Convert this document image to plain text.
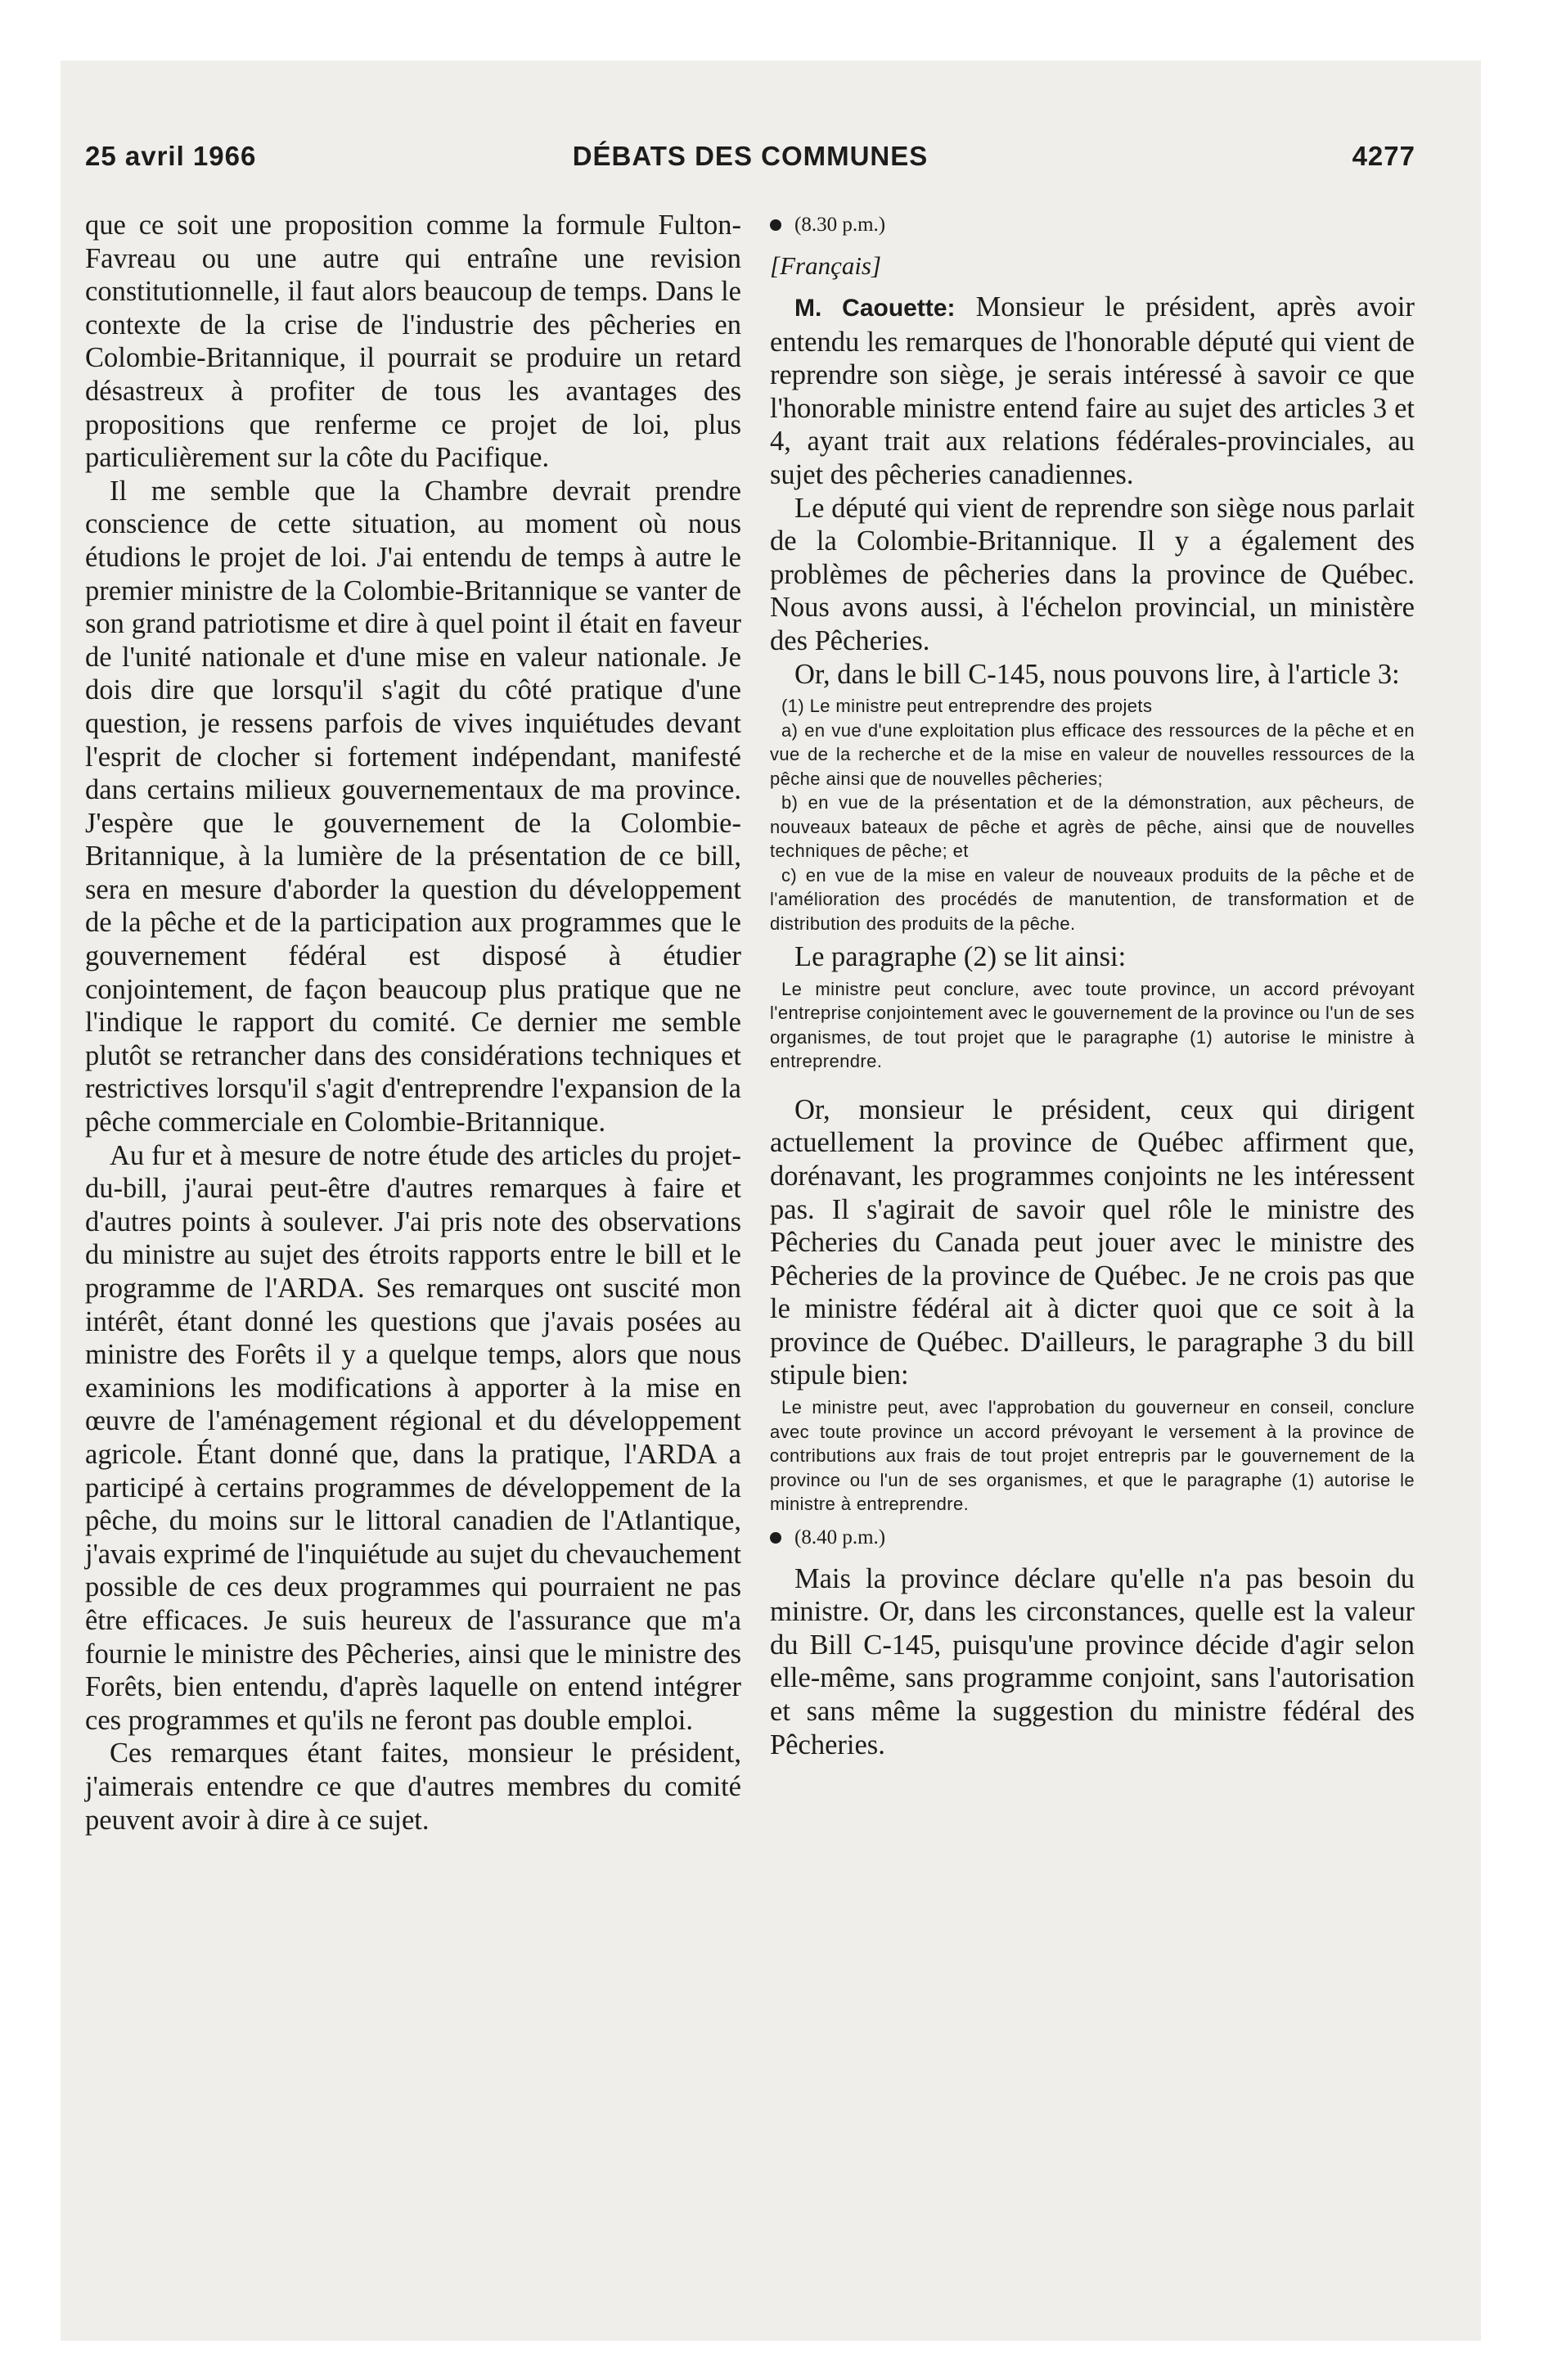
25 avril 1966	DÉBATS DES COMMUNES	4277

que ce soit une proposition comme la formule Fulton-Favreau ou une autre qui entraîne une revision constitutionnelle, il faut alors beaucoup de temps. Dans le contexte de la crise de l'industrie des pêcheries en Colombie-Britannique, il pourrait se produire un retard désastreux à profiter de tous les avantages des propositions que renferme ce projet de loi, plus particulièrement sur la côte du Pacifique.

Il me semble que la Chambre devrait prendre conscience de cette situation, au moment où nous étudions le projet de loi. J'ai entendu de temps à autre le premier ministre de la Colombie-Britannique se vanter de son grand patriotisme et dire à quel point il était en faveur de l'unité nationale et d'une mise en valeur nationale. Je dois dire que lorsqu'il s'agit du côté pratique d'une question, je ressens parfois de vives inquiétudes devant l'esprit de clocher si fortement indépendant, manifesté dans certains milieux gouvernementaux de ma province. J'espère que le gouvernement de la Colombie-Britannique, à la lumière de la présentation de ce bill, sera en mesure d'aborder la question du développement de la pêche et de la participation aux programmes que le gouvernement fédéral est disposé à étudier conjointement, de façon beaucoup plus pratique que ne l'indique le rapport du comité. Ce dernier me semble plutôt se retrancher dans des considérations techniques et restrictives lorsqu'il s'agit d'entreprendre l'expansion de la pêche commerciale en Colombie-Britannique.

Au fur et à mesure de notre étude des articles du projet-du-bill, j'aurai peut-être d'autres remarques à faire et d'autres points à soulever. J'ai pris note des observations du ministre au sujet des étroits rapports entre le bill et le programme de l'ARDA. Ses remarques ont suscité mon intérêt, étant donné les questions que j'avais posées au ministre des Forêts il y a quelque temps, alors que nous examinions les modifications à apporter à la mise en œuvre de l'aménagement régional et du développement agricole. Étant donné que, dans la pratique, l'ARDA a participé à certains programmes de développement de la pêche, du moins sur le littoral canadien de l'Atlantique, j'avais exprimé de l'inquiétude au sujet du chevauchement possible de ces deux programmes qui pourraient ne pas être efficaces. Je suis heureux de l'assurance que m'a fournie le ministre des Pêcheries, ainsi que le ministre des Forêts, bien entendu, d'après laquelle on entend intégrer ces programmes et qu'ils ne feront pas double emploi.

Ces remarques étant faites, monsieur le président, j'aimerais entendre ce que d'autres membres du comité peuvent avoir à dire à ce sujet.

(8.30 p.m.)
[Français]

M. Caouette: Monsieur le président, après avoir entendu les remarques de l'honorable député qui vient de reprendre son siège, je serais intéressé à savoir ce que l'honorable ministre entend faire au sujet des articles 3 et 4, ayant trait aux relations fédérales-provinciales, au sujet des pêcheries canadiennes.

Le député qui vient de reprendre son siège nous parlait de la Colombie-Britannique. Il y a également des problèmes de pêcheries dans la province de Québec. Nous avons aussi, à l'échelon provincial, un ministère des Pêcheries.

Or, dans le bill C-145, nous pouvons lire, à l'article 3:

(1) Le ministre peut entreprendre des projets
a) en vue d'une exploitation plus efficace des ressources de la pêche et en vue de la recherche et de la mise en valeur de nouvelles ressources de la pêche ainsi que de nouvelles pêcheries;
b) en vue de la présentation et de la démonstration, aux pêcheurs, de nouveaux bateaux de pêche et agrès de pêche, ainsi que de nouvelles techniques de pêche; et
c) en vue de la mise en valeur de nouveaux produits de la pêche et de l'amélioration des procédés de manutention, de transformation et de distribution des produits de la pêche.

Le paragraphe (2) se lit ainsi:

Le ministre peut conclure, avec toute province, un accord prévoyant l'entreprise conjointement avec le gouvernement de la province ou l'un de ses organismes, de tout projet que le paragraphe (1) autorise le ministre à entreprendre.

Or, monsieur le président, ceux qui dirigent actuellement la province de Québec affirment que, dorénavant, les programmes conjoints ne les intéressent pas. Il s'agirait de savoir quel rôle le ministre des Pêcheries du Canada peut jouer avec le ministre des Pêcheries de la province de Québec. Je ne crois pas que le ministre fédéral ait à dicter quoi que ce soit à la province de Québec. D'ailleurs, le paragraphe 3 du bill stipule bien:

Le ministre peut, avec l'approbation du gouverneur en conseil, conclure avec toute province un accord prévoyant le versement à la province de contributions aux frais de tout projet entrepris par le gouvernement de la province ou l'un de ses organismes, et que le paragraphe (1) autorise le ministre à entreprendre.
(8.40 p.m.)

Mais la province déclare qu'elle n'a pas besoin du ministre. Or, dans les circonstances, quelle est la valeur du Bill C-145, puisqu'une province décide d'agir selon elle-même, sans programme conjoint, sans l'autorisation et sans même la suggestion du ministre fédéral des Pêcheries.
